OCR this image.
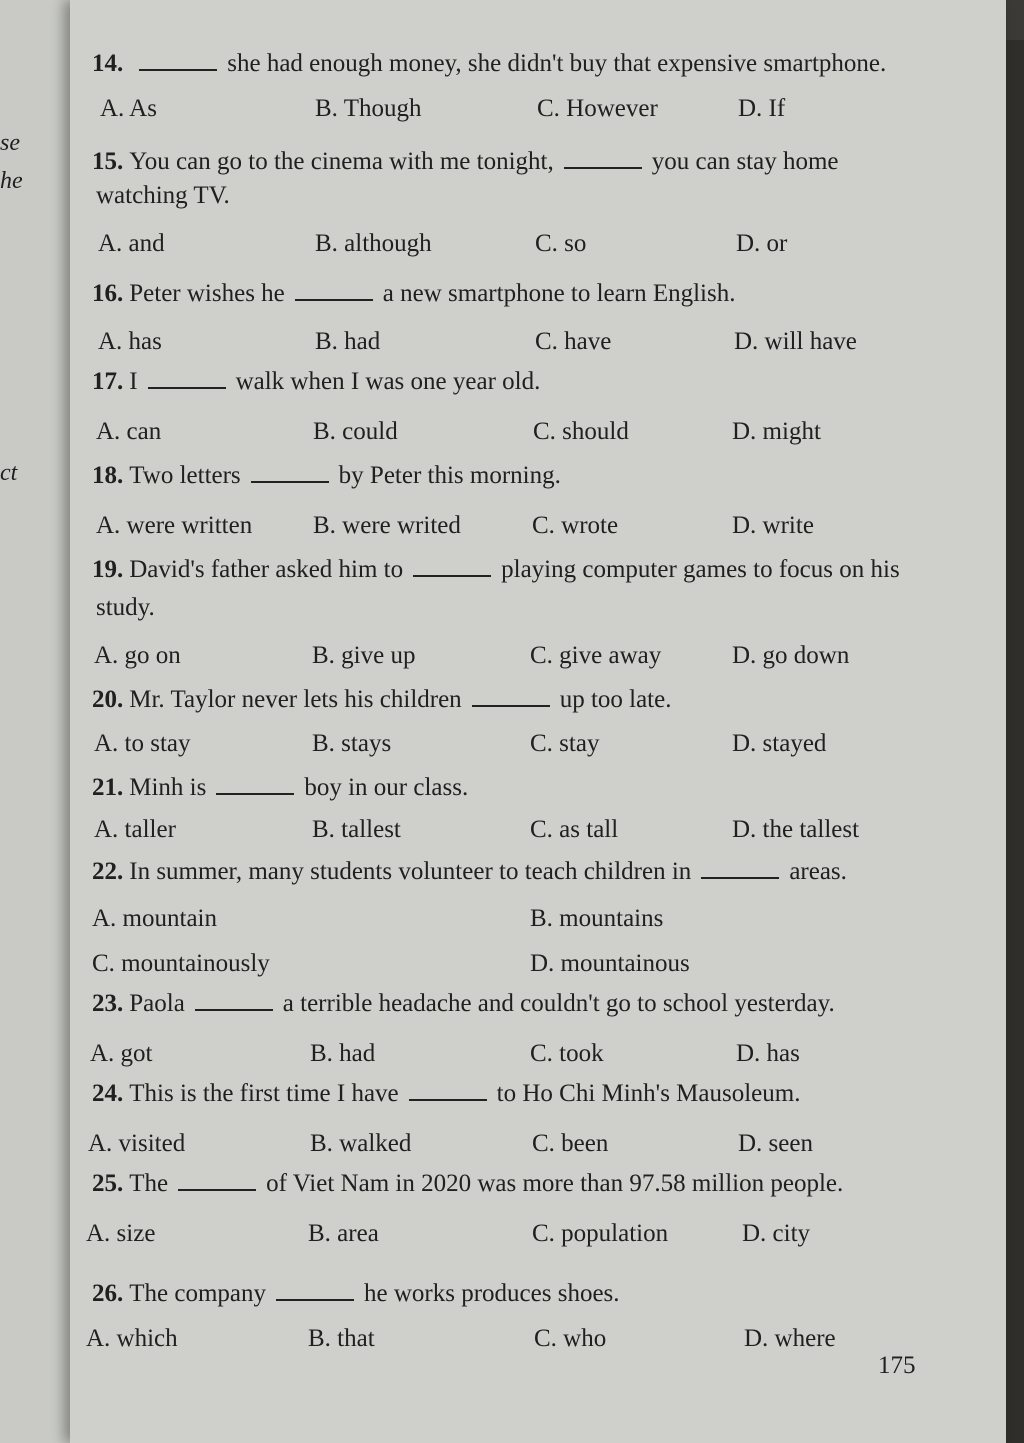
se
he
ct
175
14.	she had enough money, she didn't buy that expensive smartphone.
A. As	B. Though	C. However	D. If
15. You can go to the cinema with me tonight,	you can stay home
watching TV.
A. and	B. although	C. so	D. or
16. Peter wishes he	a new smartphone to learn English.
A. has	B. had	C. have	D. will have
17. I	walk when I was one year old.
A. can	B. could	C. should	D. might
18. Two letters	by Peter this morning.
A. were written B. were writed	C. wrote	D. write
19. David's father asked him to	playing computer games to focus on his
study.
A. go on	B. give up	C. give away	D. go down
20. Mr. Taylor never lets his children	up too late.
A. to stay	B. stays	C. stay	D. stayed
21. Minh is	boy in our class.
A. taller	B. tallest	C. as tall	D. the tallest
22. In summer, many students volunteer to teach children in	areas.
A. mountain	B. mountains
C. mountainously	D. mountainous
23. Paola	a terrible headache and couldn't go to school yesterday.
A. got	B. had	C. took	D. has
24. This is the first time I have	to Ho Chi Minh's Mausoleum.
A. visited	B. walked	C. been	D. seen
25. The	of Viet Nam in 2020 was more than 97.58 million people.
A. size	B. area	C. population	D. city
26. The company	he works produces shoes.
A. which	B. that	C. who	D. where
